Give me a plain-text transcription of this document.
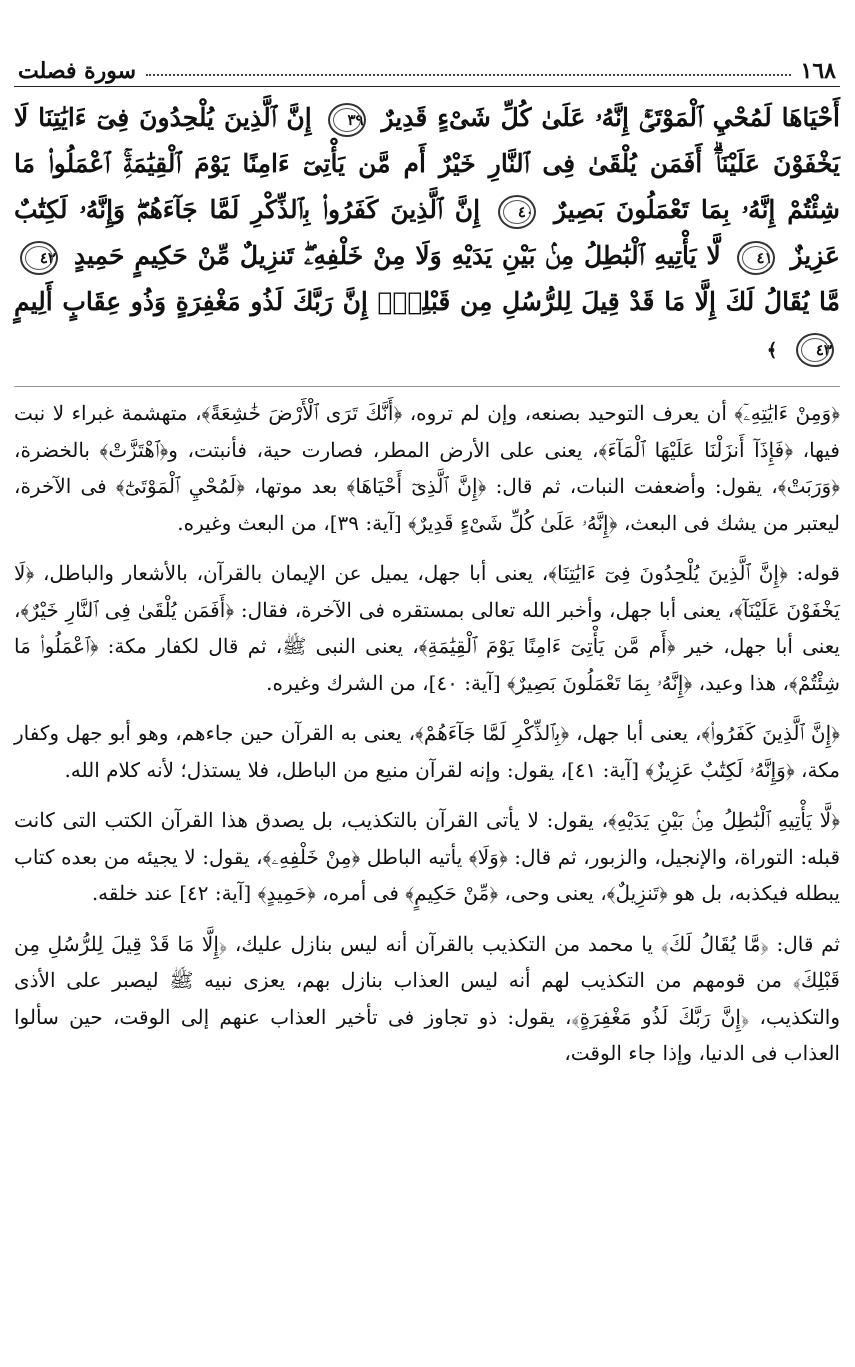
١٦٨
سورة فصلت
أَحْيَاهَا لَمُحْيِ ٱلْمَوْتَىٰٓۚ إِنَّهُۥ عَلَىٰ كُلِّ شَىْءٍ قَدِيرٌ ٣٩ إِنَّ ٱلَّذِينَ يُلْحِدُونَ فِىٓ ءَايَٰتِنَا لَا يَخْفَوْنَ عَلَيْنَآۗ أَفَمَن يُلْقَىٰ فِى ٱلنَّارِ خَيْرٌ أَم مَّن يَأْتِىٓ ءَامِنًا يَوْمَ ٱلْقِيَٰمَةِۚ ٱعْمَلُوا۟ مَا شِئْتُمْ إِنَّهُۥ بِمَا تَعْمَلُونَ بَصِيرٌ ٤٠ إِنَّ ٱلَّذِينَ كَفَرُوا۟ بِٱلذِّكْرِ لَمَّا جَآءَهُمْۖ وَإِنَّهُۥ لَكِتَٰبٌ عَزِيزٌ ٤١ لَّا يَأْتِيهِ ٱلْبَٰطِلُ مِنۢ بَيْنِ يَدَيْهِ وَلَا مِنْ خَلْفِهِۦۖ تَنزِيلٌ مِّنْ حَكِيمٍ حَمِيدٍ ٤٢ مَّا يُقَالُ لَكَ إِلَّا مَا قَدْ قِيلَ لِلرُّسُلِ مِن قَبْلِكَۚ إِنَّ رَبَّكَ لَذُو مَغْفِرَةٍ وَذُو عِقَابٍ أَلِيمٍ ٤٣ ﴾

﴿وَمِنْ ءَايَٰتِهِۦٓ﴾ أن يعرف التوحيد بصنعه، وإن لم تروه، ﴿أَنَّكَ تَرَى ٱلْأَرْضَ خَٰشِعَةً﴾، متهشمة غبراء لا نبت فيها، ﴿فَإِذَآ أَنزَلْنَا عَلَيْهَا ٱلْمَآءَ﴾، يعنى على الأرض المطر، فصارت حية، فأنبتت، و﴿ٱهْتَزَّتْ﴾ بالخضرة، ﴿وَرَبَتْ﴾، يقول: وأضعفت النبات، ثم قال: ﴿إِنَّ ٱلَّذِىٓ أَحْيَاهَا﴾ بعد موتها، ﴿لَمُحْيِ ٱلْمَوْتَىٰٓ﴾ فى الآخرة، ليعتبر من يشك فى البعث، ﴿إِنَّهُۥ عَلَىٰ كُلِّ شَىْءٍ قَدِيرٌ﴾ [آية: ٣٩]، من البعث وغيره.

قوله: ﴿إِنَّ ٱلَّذِينَ يُلْحِدُونَ فِىٓ ءَايَٰتِنَا﴾، يعنى أبا جهل، يميل عن الإيمان بالقرآن، بالأشعار والباطل، ﴿لَا يَخْفَوْنَ عَلَيْنَآ﴾، يعنى أبا جهل، وأخبر الله تعالى بمستقره فى الآخرة، فقال: ﴿أَفَمَن يُلْقَىٰ فِى ٱلنَّارِ خَيْرٌ﴾، يعنى أبا جهل، خير ﴿أَم مَّن يَأْتِىٓ ءَامِنًا يَوْمَ ٱلْقِيَٰمَةِ﴾، يعنى النبى ﷺ، ثم قال لكفار مكة: ﴿ٱعْمَلُوا۟ مَا شِئْتُمْ﴾، هذا وعيد، ﴿إِنَّهُۥ بِمَا تَعْمَلُونَ بَصِيرٌ﴾ [آية: ٤٠]، من الشرك وغيره.

﴿إِنَّ ٱلَّذِينَ كَفَرُوا۟﴾، يعنى أبا جهل، ﴿بِٱلذِّكْرِ لَمَّا جَآءَهُمْ﴾، يعنى به القرآن حين جاءهم، وهو أبو جهل وكفار مكة، ﴿وَإِنَّهُۥ لَكِتَٰبٌ عَزِيزٌ﴾ [آية: ٤١]، يقول: وإنه لقرآن منيع من الباطل، فلا يستذل؛ لأنه كلام الله.

﴿لَّا يَأْتِيهِ ٱلْبَٰطِلُ مِنۢ بَيْنِ يَدَيْهِ﴾، يقول: لا يأتى القرآن بالتكذيب، بل يصدق هذا القرآن الكتب التى كانت قبله: التوراة، والإنجيل، والزبور، ثم قال: ﴿وَلَا﴾ يأتيه الباطل ﴿مِنْ خَلْفِهِۦ﴾، يقول: لا يجيئه من بعده كتاب يبطله فيكذبه، بل هو ﴿تَنزِيلٌ﴾، يعنى وحى، ﴿مِّنْ حَكِيمٍ﴾ فى أمره، ﴿حَمِيدٍ﴾ [آية: ٤٢] عند خلقه.

ثم قال: ﴿مَّا يُقَالُ لَكَ﴾ يا محمد من التكذيب بالقرآن أنه ليس بنازل عليك، ﴿إِلَّا مَا قَدْ قِيلَ لِلرُّسُلِ مِن قَبْلِكَ﴾ من قومهم من التكذيب لهم أنه ليس العذاب بنازل بهم، يعزى نبيه ﷺ ليصبر على الأذى والتكذيب، ﴿إِنَّ رَبَّكَ لَذُو مَغْفِرَةٍ﴾، يقول: ذو تجاوز فى تأخير العذاب عنهم إلى الوقت، حين سألوا العذاب فى الدنيا، وإذا جاء الوقت،
